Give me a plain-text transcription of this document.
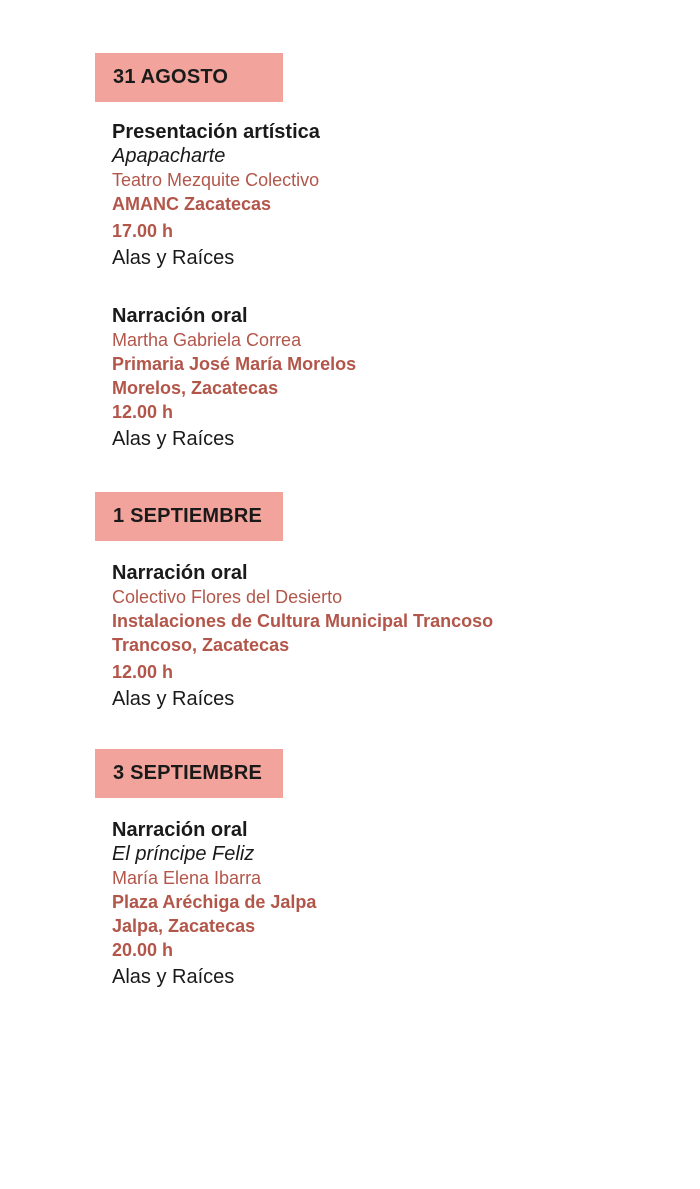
31 AGOSTO
Presentación artística
Apapacharte
Teatro Mezquite Colectivo
AMANC Zacatecas
17.00 h
Alas y Raíces
Narración oral
Martha Gabriela Correa
Primaria José María Morelos
Morelos, Zacatecas
12.00 h
Alas y Raíces
1 SEPTIEMBRE
Narración oral
Colectivo Flores del Desierto
Instalaciones de Cultura Municipal Trancoso
Trancoso, Zacatecas
12.00 h
Alas y Raíces
3 SEPTIEMBRE
Narración oral
El príncipe Feliz
María Elena Ibarra
Plaza Aréchiga de Jalpa
Jalpa, Zacatecas
20.00 h
Alas y Raíces
